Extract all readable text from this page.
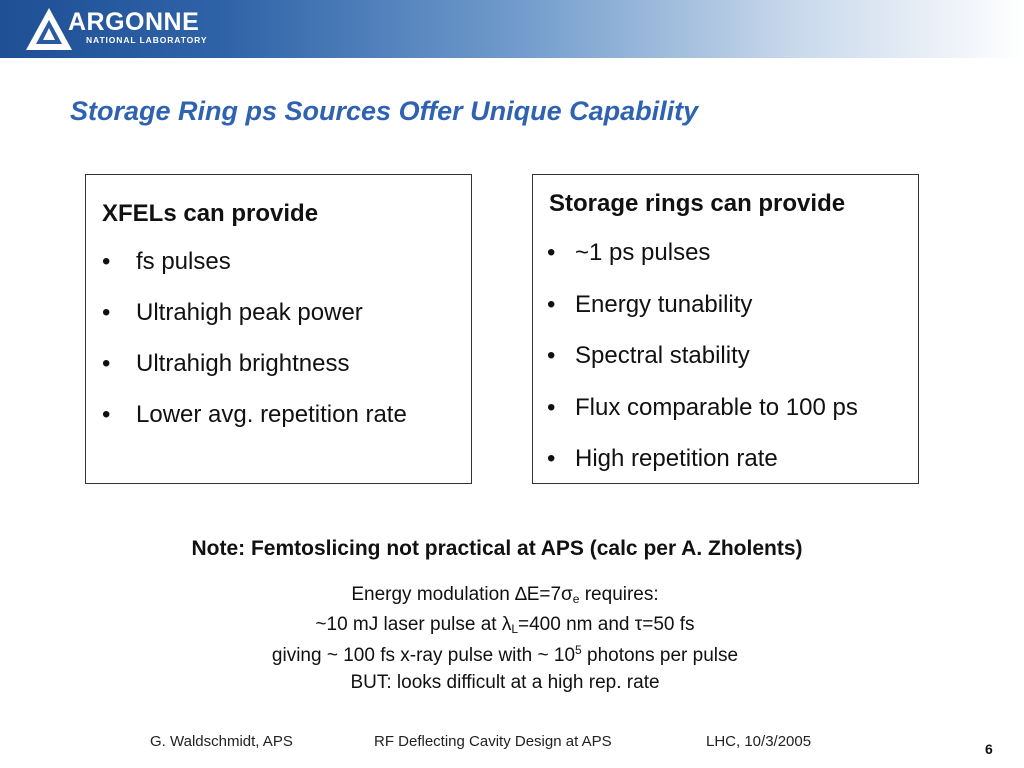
ARGONNE
NATIONAL LABORATORY
Storage Ring ps Sources Offer Unique Capability
XFELs can provide
• fs pulses
• Ultrahigh peak power
• Ultrahigh brightness
• Lower avg. repetition rate
Storage rings can provide
• ~1 ps pulses
• Energy tunability
• Spectral stability
• Flux comparable to 100 ps
• High repetition rate
Note: Femtoslicing not practical at APS (calc per A. Zholents)
Energy modulation $\Delta E=7\sigma_e$ requires:
~10 mJ laser pulse at $\lambda_L=400$ nm and τ=50 fs
giving ~ 100 fs x-ray pulse with ~ $10^5$ photons per pulse
BUT: looks difficult at a high rep. rate
G. Waldschmidt, APS	RF Deflecting Cavity Design at APS	LHC, 10/3/2005	6
